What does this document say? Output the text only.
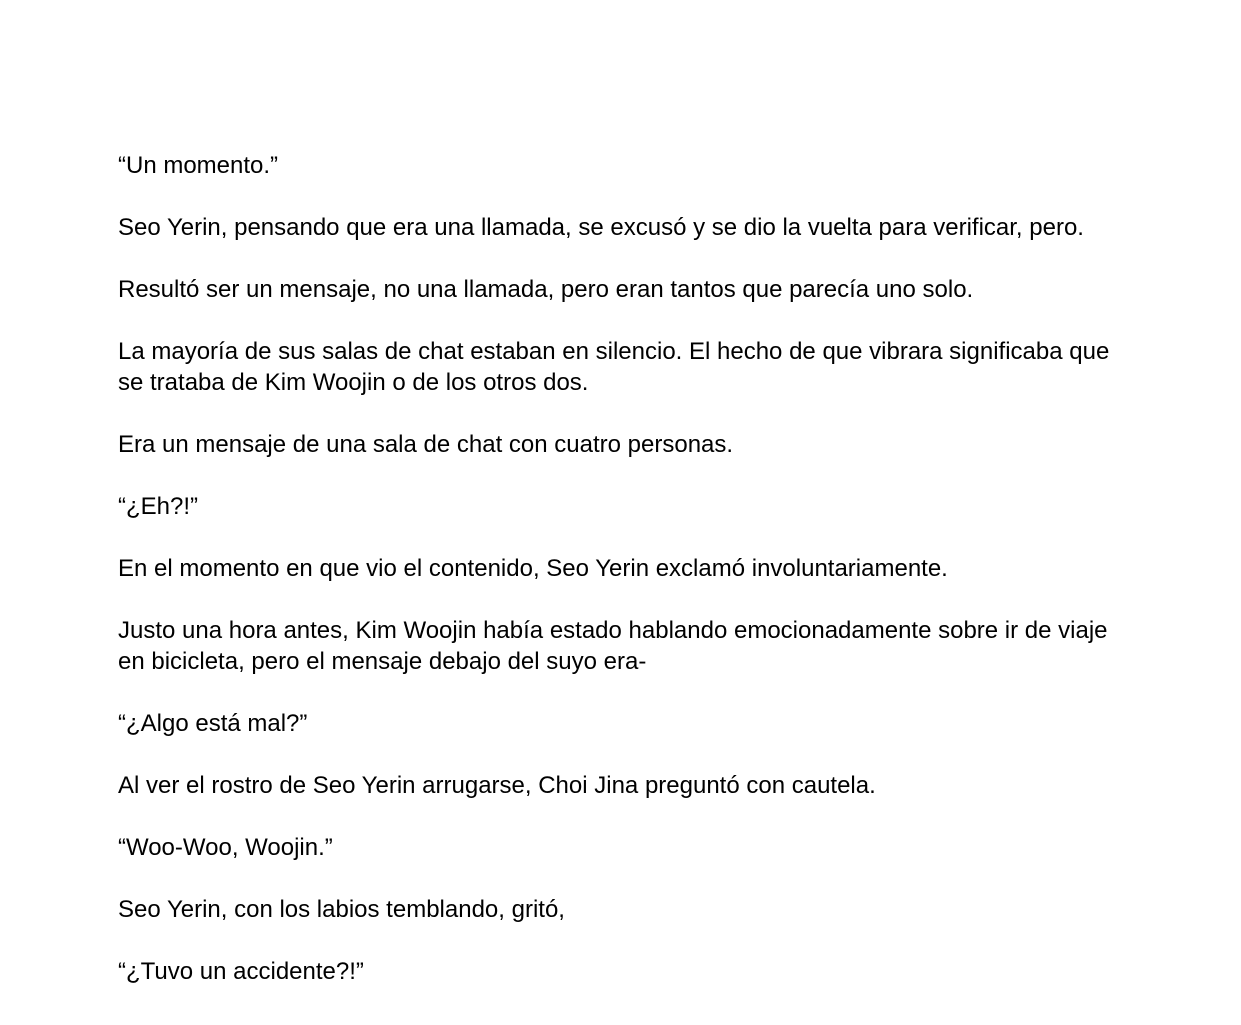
“Un momento.”

Seo Yerin, pensando que era una llamada, se excusó y se dio la vuelta para verificar, pero.

Resultó ser un mensaje, no una llamada, pero eran tantos que parecía uno solo.

La mayoría de sus salas de chat estaban en silencio. El hecho de que vibrara significaba que se trataba de Kim Woojin o de los otros dos.

Era un mensaje de una sala de chat con cuatro personas.

“¿Eh?!”

En el momento en que vio el contenido, Seo Yerin exclamó involuntariamente.

Justo una hora antes, Kim Woojin había estado hablando emocionadamente sobre ir de viaje en bicicleta, pero el mensaje debajo del suyo era-

“¿Algo está mal?”

Al ver el rostro de Seo Yerin arrugarse, Choi Jina preguntó con cautela.

“Woo-Woo, Woojin.”

Seo Yerin, con los labios temblando, gritó,

“¿Tuvo un accidente?!”
